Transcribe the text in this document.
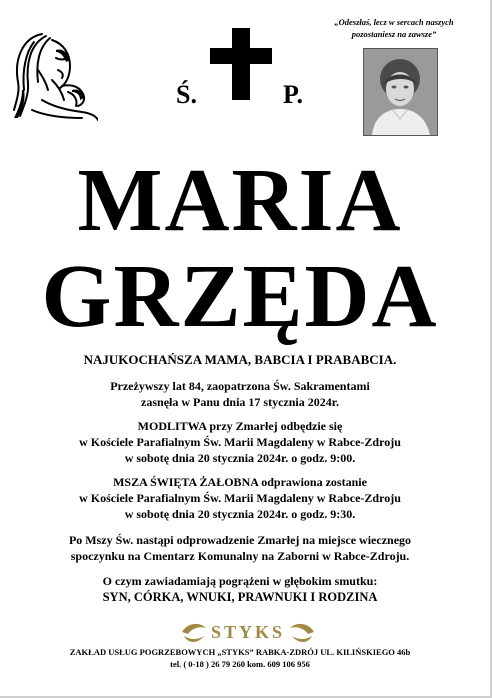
Ś.	P.
„Odeszłaś, lecz w sercach naszych
pozostaniesz na zawsze”
MARIA
GRZĘDA

NAJUKOCHAŃSZA MAMA, BABCIA I PRABABCIA.

Przeżywszy lat 84, zaopatrzona Św. Sakramentami

zasnęła w Panu dnia 17 stycznia 2024r.

MODLITWA przy Zmarłej odbędzie się

w Kościele Parafialnym Św. Marii Magdaleny w Rabce-Zdroju

w sobotę dnia 20 stycznia 2024r. o godz. 9:00.

MSZA ŚWIĘTA ŻAŁOBNA odprawiona zostanie

w Kościele Parafialnym Św. Marii Magdaleny w Rabce-Zdroju

w sobotę dnia 20 stycznia 2024r. o godz. 9:30.

Po Mszy Św. nastąpi odprowadzenie Zmarłej na miejsce wiecznego

spoczynku na Cmentarz Komunalny na Zaborni w Rabce-Zdroju.

O czym zawiadamiają pogrążeni w głębokim smutku:

SYN, CÓRKA, WNUKI, PRAWNUKI I RODZINA

STYKS

ZAKŁAD USŁUG POGRZEBOWYCH „STYKS” RABKA-ZDRÓJ UL. KILIŃSKIEGO 46b

tel. ( 0-18 ) 26 79 260 kom. 609 106 956
